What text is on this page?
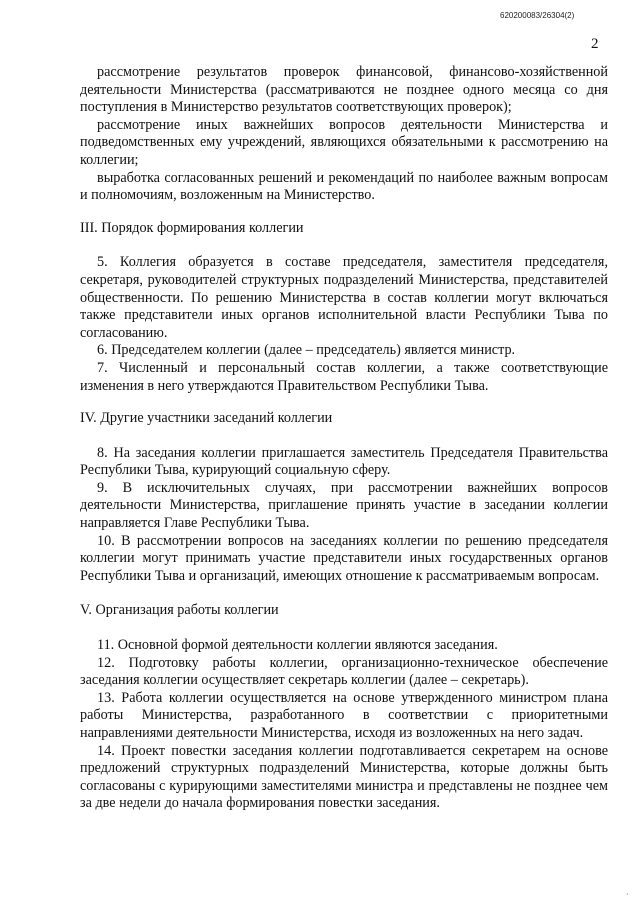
620200083/26304(2)
2

рассмотрение результатов проверок финансовой, финансово-хозяйственной деятельности Министерства (рассматриваются не позднее одного месяца со дня поступления в Министерство результатов соответствующих проверок);

рассмотрение иных важнейших вопросов деятельности Министерства и подведомственных ему учреждений, являющихся обязательными к рассмотрению на коллегии;

выработка согласованных решений и рекомендаций по наиболее важным вопросам и полномочиям, возложенным на Министерство.

III. Порядок формирования коллегии

5. Коллегия образуется в составе председателя, заместителя председателя, секретаря, руководителей структурных подразделений Министерства, представителей общественности. По решению Министерства в состав коллегии могут включаться также представители иных органов исполнительной власти Республики Тыва по согласованию.

6. Председателем коллегии (далее – председатель) является министр.

7. Численный и персональный состав коллегии, а также соответствующие изменения в него утверждаются Правительством Республики Тыва.

IV. Другие участники заседаний коллегии

8. На заседания коллегии приглашается заместитель Председателя Правительства Республики Тыва, курирующий социальную сферу.

9. В исключительных случаях, при рассмотрении важнейших вопросов деятельности Министерства, приглашение принять участие в заседании коллегии направляется Главе Республики Тыва.

10. В рассмотрении вопросов на заседаниях коллегии по решению председателя коллегии могут принимать участие представители иных государственных органов Республики Тыва и организаций, имеющих отношение к рассматриваемым вопросам.

V. Организация работы коллегии

11. Основной формой деятельности коллегии являются заседания.

12. Подготовку работы коллегии, организационно-техническое обеспечение заседания коллегии осуществляет секретарь коллегии (далее – секретарь).

13. Работа коллегии осуществляется на основе утвержденного министром плана работы Министерства, разработанного в соответствии с приоритетными направлениями деятельности Министерства, исходя из возложенных на него задач.

14. Проект повестки заседания коллегии подготавливается секретарем на основе предложений структурных подразделений Министерства, которые должны быть согласованы с курирующими заместителями министра и представлены не позднее чем за две недели до начала формирования повестки заседания.

·
